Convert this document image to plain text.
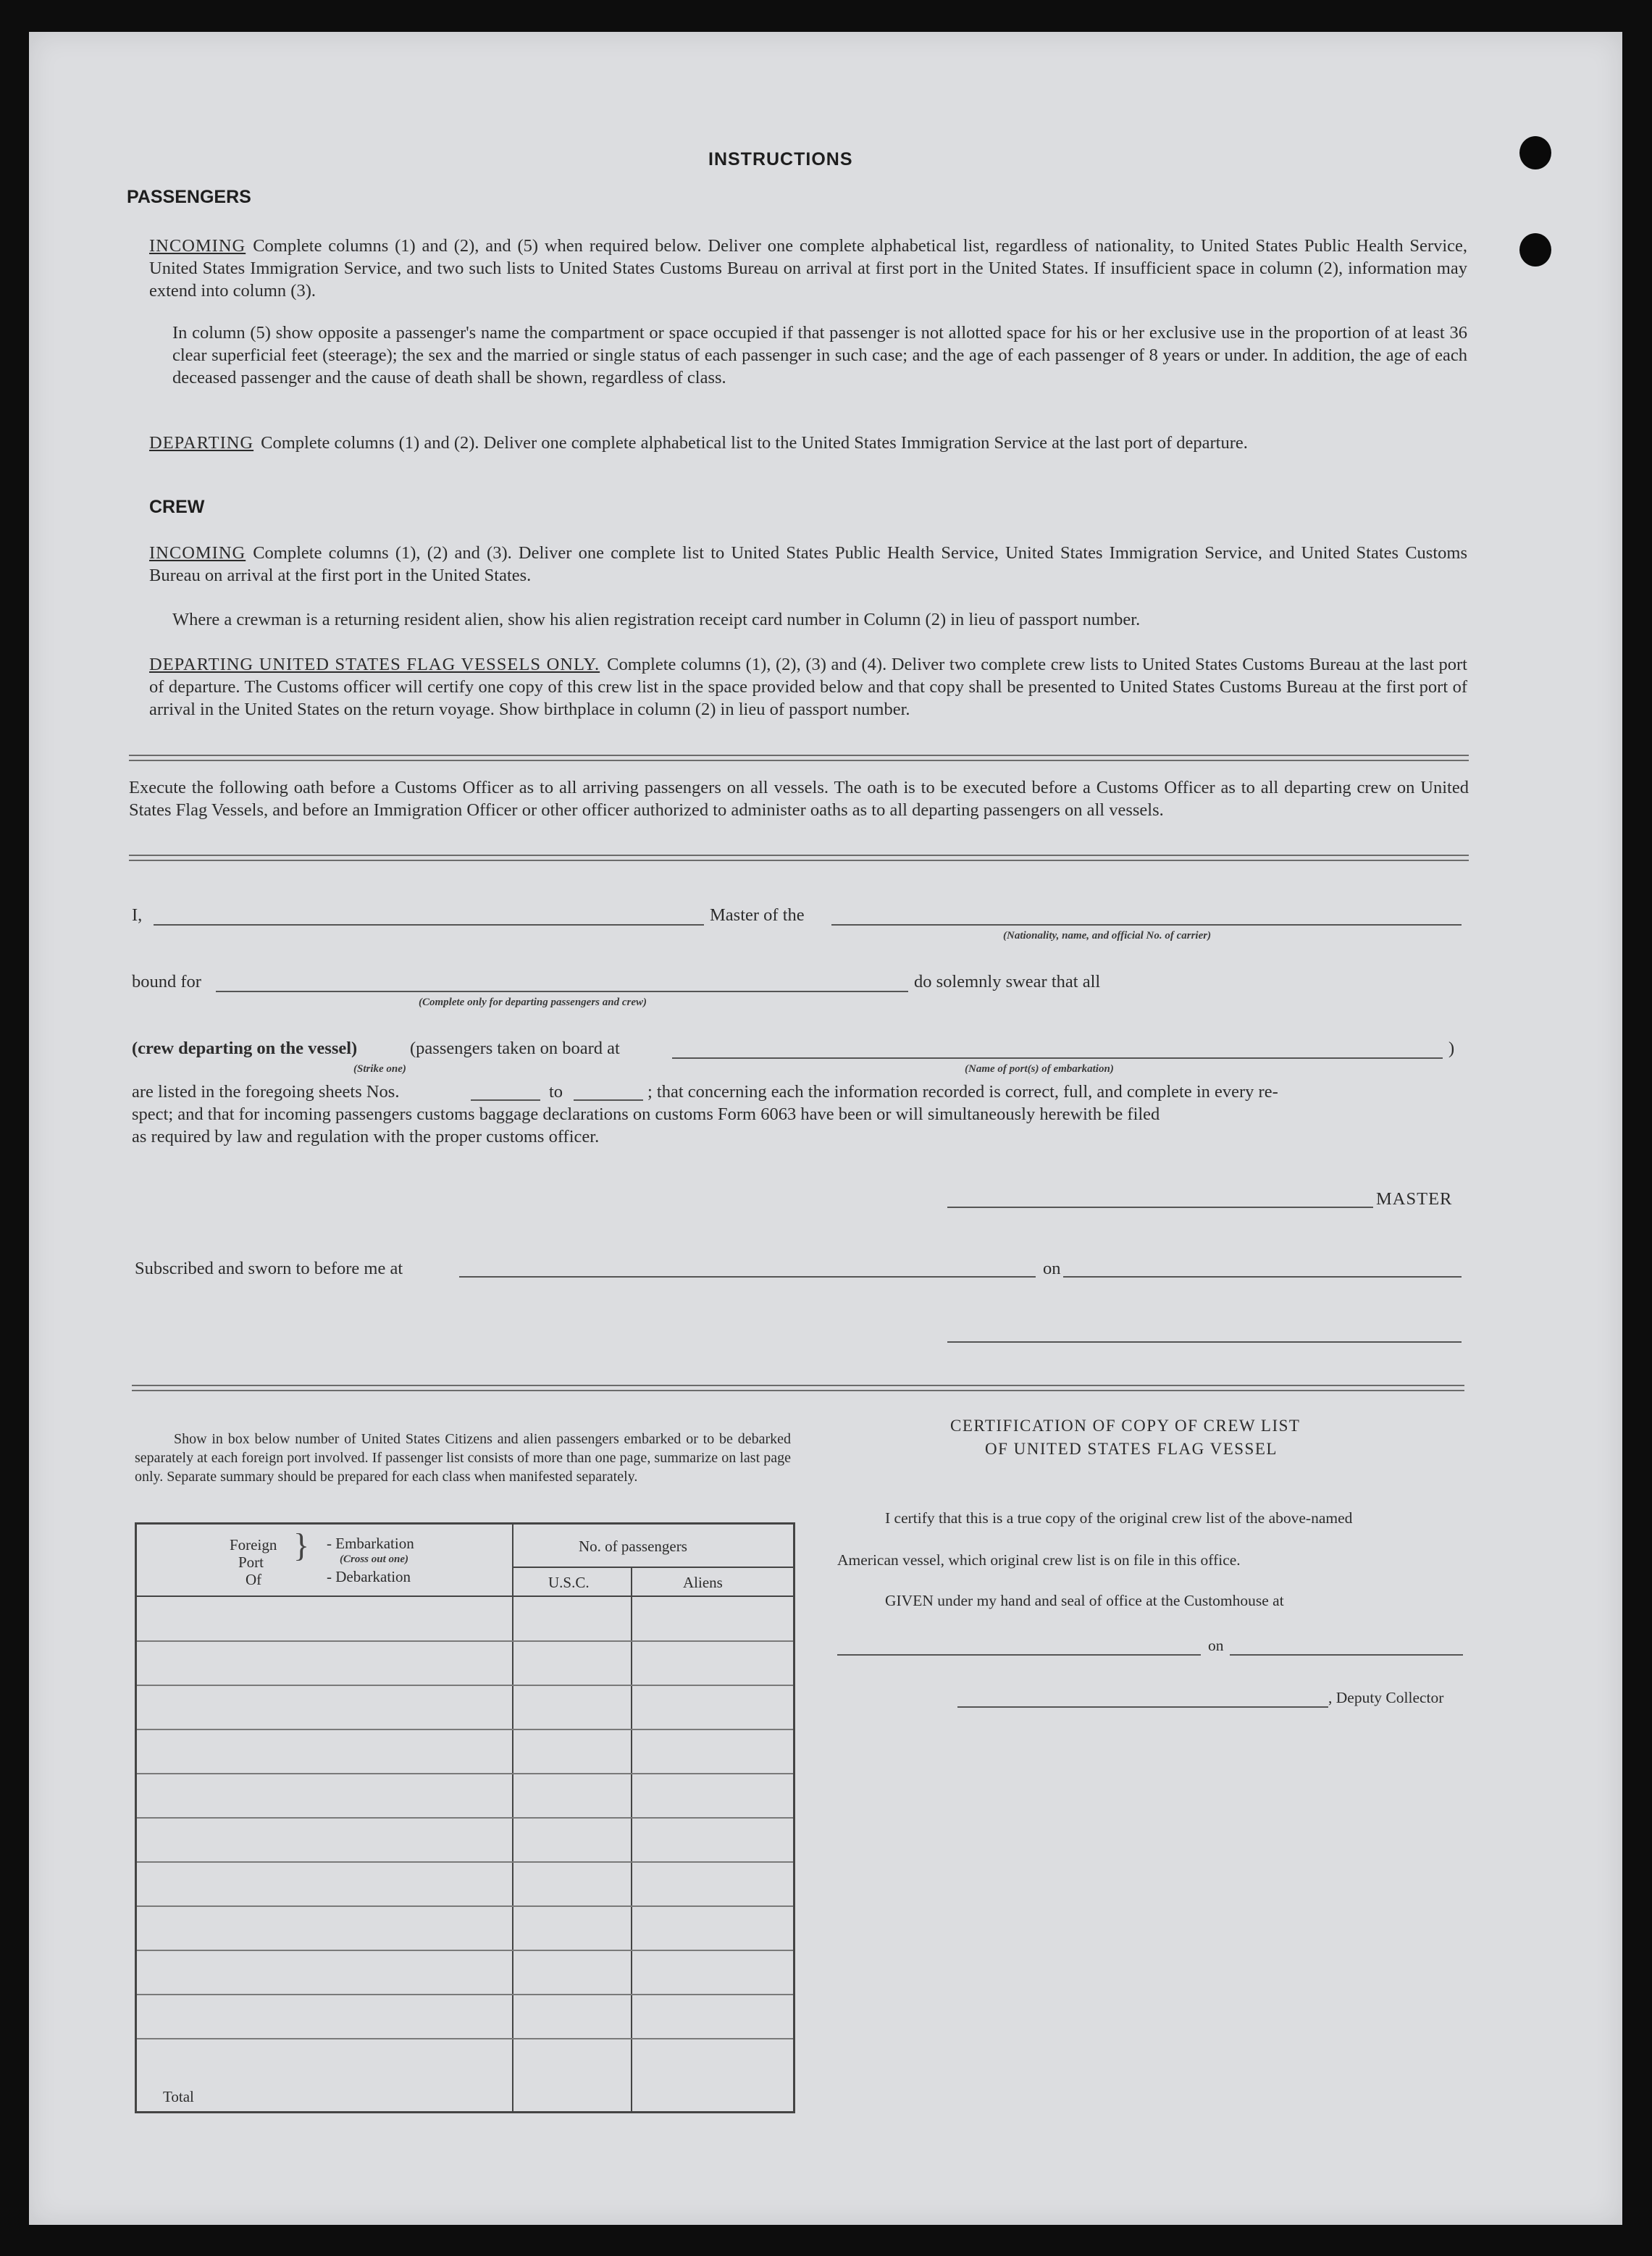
INSTRUCTIONS
PASSENGERS
INCOMING Complete columns (1) and (2), and (5) when required below. Deliver one complete alphabetical list, regardless of nationality, to United States Public Health Service, United States Immigration Service, and two such lists to United States Customs Bureau on arrival at first port in the United States. If insufficient space in column (2), information may extend into column (3).
In column (5) show opposite a passenger's name the compartment or space occupied if that passenger is not allotted space for his or her exclusive use in the proportion of at least 36 clear superficial feet (steerage); the sex and the married or single status of each passenger in such case; and the age of each passenger of 8 years or under. In addition, the age of each deceased passenger and the cause of death shall be shown, regardless of class.
DEPARTING Complete columns (1) and (2). Deliver one complete alphabetical list to the United States Immigration Service at the last port of departure.
CREW
INCOMING Complete columns (1), (2) and (3). Deliver one complete list to United States Public Health Service, United States Immigration Service, and United States Customs Bureau on arrival at the first port in the United States.
Where a crewman is a returning resident alien, show his alien registration receipt card number in Column (2) in lieu of passport number.
DEPARTING UNITED STATES FLAG VESSELS ONLY. Complete columns (1), (2), (3) and (4). Deliver two complete crew lists to United States Customs Bureau at the last port of departure. The Customs officer will certify one copy of this crew list in the space provided below and that copy shall be presented to United States Customs Bureau at the first port of arrival in the United States on the return voyage. Show birthplace in column (2) in lieu of passport number.
Execute the following oath before a Customs Officer as to all arriving passengers on all vessels. The oath is to be executed before a Customs Officer as to all departing crew on United States Flag Vessels, and before an Immigration Officer or other officer authorized to administer oaths as to all departing passengers on all vessels.
I,	Master of the
(Nationality, name, and official No. of carrier)
bound for	do solemnly swear that all
(Complete only for departing passengers and crew)
(crew departing on the vessel)	(passengers taken on board at	)
(Strike one)	(Name of port(s) of embarkation)
are listed in the foregoing sheets Nos.	to	; that concerning each the information recorded is correct, full, and complete in every re-
spect; and that for incoming passengers customs baggage declarations on customs Form 6063 have been or will simultaneously herewith be filed
as required by law and regulation with the proper customs officer.
MASTER
Subscribed and sworn to before me at	on
Show in box below number of United States Citizens and alien passengers embarked or to be debarked separately at each foreign port involved. If passenger list consists of more than one page, summarize on last page only. Separate summary should be prepared for each class when manifested separately.
Foreign
Port
Of
} - Embarkation
(Cross out one)
- Debarkation
No. of passengers
U.S.C.	Aliens
Total
CERTIFICATION OF COPY OF CREW LIST
OF UNITED STATES FLAG VESSEL
I certify that this is a true copy of the original crew list of the above-named
American vessel, which original crew list is on file in this office.
GIVEN under my hand and seal of office at the Customhouse at
on
, Deputy Collector
